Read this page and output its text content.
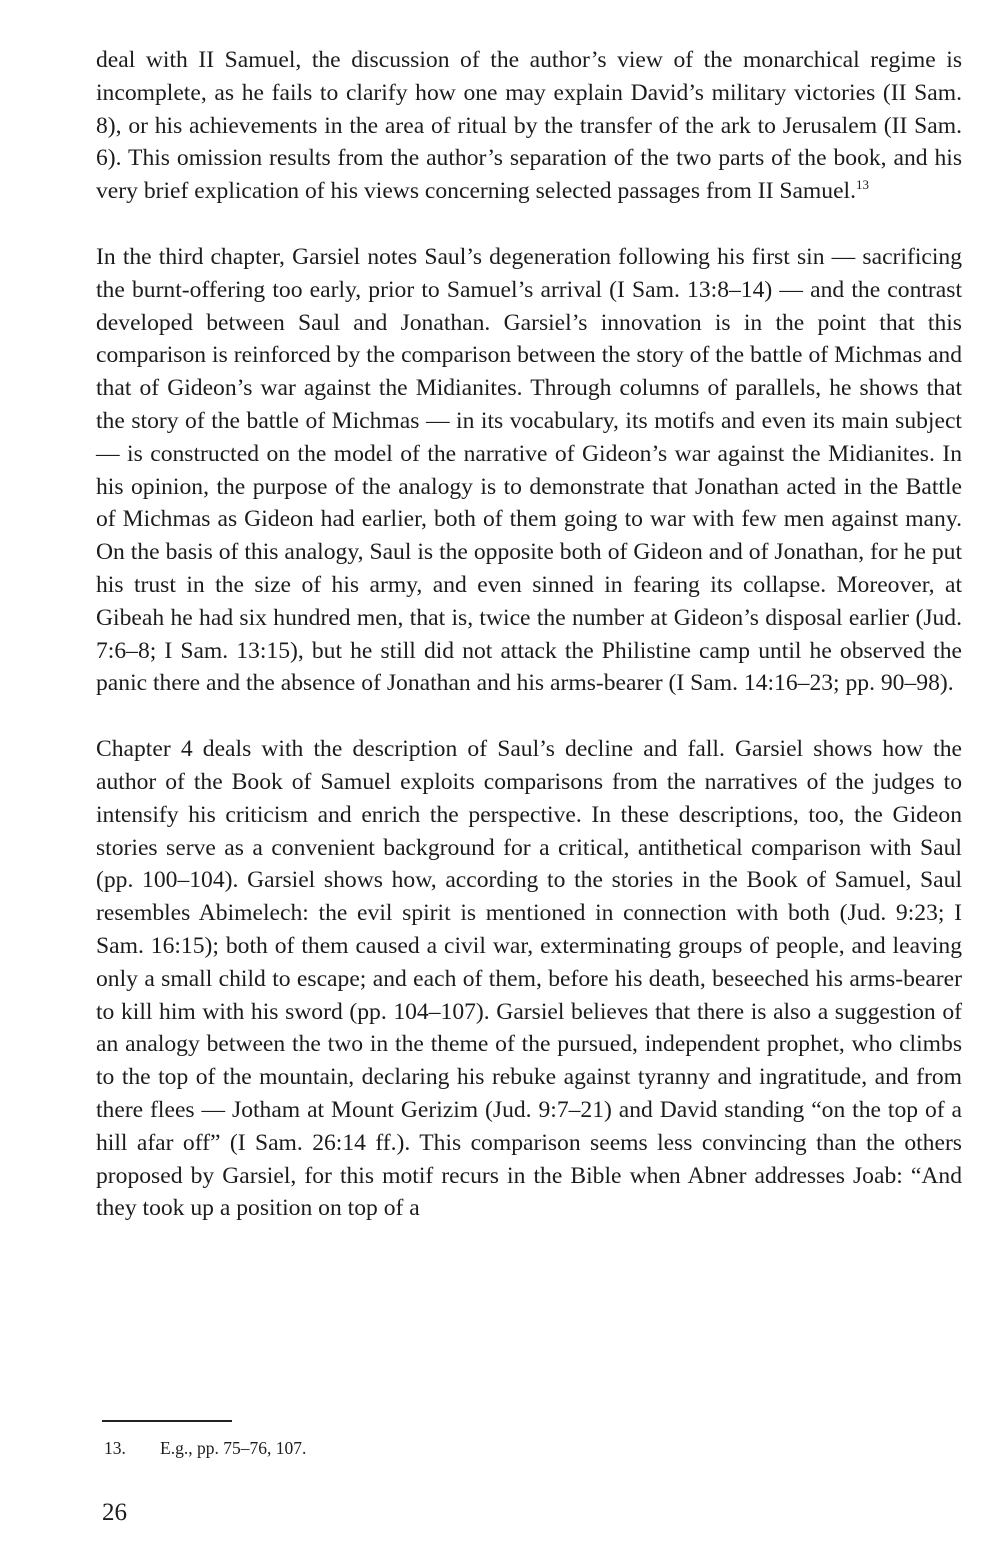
deal with II Samuel, the discussion of the author’s view of the monarchical regime is incomplete, as he fails to clarify how one may explain David’s military victories (II Sam. 8), or his achievements in the area of ritual by the transfer of the ark to Jerusalem (II Sam. 6). This omission results from the author’s separation of the two parts of the book, and his very brief explication of his views concerning selected passages from II Samuel.$^{13}$

In the third chapter, Garsiel notes Saul’s degeneration following his first sin — sacrificing the burnt-offering too early, prior to Samuel’s arrival (I Sam. 13:8–14) — and the contrast developed between Saul and Jonathan. Garsiel’s innovation is in the point that this comparison is reinforced by the comparison between the story of the battle of Michmas and that of Gideon’s war against the Midianites. Through columns of parallels, he shows that the story of the battle of Michmas — in its vocabulary, its motifs and even its main subject — is constructed on the model of the narrative of Gideon’s war against the Midianites. In his opinion, the purpose of the analogy is to demonstrate that Jonathan acted in the Battle of Michmas as Gideon had earlier, both of them going to war with few men against many. On the basis of this analogy, Saul is the opposite both of Gideon and of Jonathan, for he put his trust in the size of his army, and even sinned in fearing its collapse. Moreover, at Gibeah he had six hundred men, that is, twice the number at Gideon’s disposal earlier (Jud. 7:6–8; I Sam. 13:15), but he still did not attack the Philistine camp until he observed the panic there and the absence of Jonathan and his arms-bearer (I Sam. 14:16–23; pp. 90–98).

Chapter 4 deals with the description of Saul’s decline and fall. Garsiel shows how the author of the Book of Samuel exploits comparisons from the narratives of the judges to intensify his criticism and enrich the perspective. In these descriptions, too, the Gideon stories serve as a convenient background for a critical, antithetical comparison with Saul (pp. 100–104). Garsiel shows how, according to the stories in the Book of Samuel, Saul resembles Abimelech: the evil spirit is mentioned in connection with both (Jud. 9:23; I Sam. 16:15); both of them caused a civil war, exterminating groups of people, and leaving only a small child to escape; and each of them, before his death, beseeched his arms-bearer to kill him with his sword (pp. 104–107). Garsiel believes that there is also a suggestion of an analogy between the two in the theme of the pursued, independent prophet, who climbs to the top of the mountain, declaring his rebuke against tyranny and ingratitude, and from there flees — Jotham at Mount Gerizim (Jud. 9:7–21) and David standing “on the top of a hill afar off” (I Sam. 26:14 ff.). This comparison seems less convincing than the others proposed by Garsiel, for this motif recurs in the Bible when Abner addresses Joab: “And they took up a position on top of a

13. E.g., pp. 75–76, 107.
26
